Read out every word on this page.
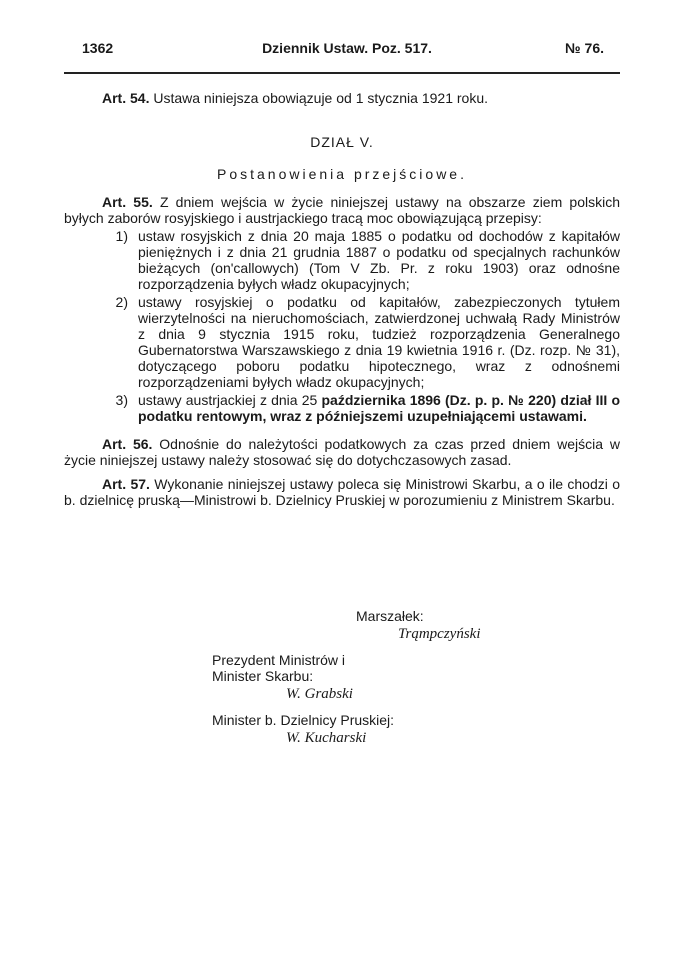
1362	Dziennik Ustaw. Poz. 517.	№ 76.

Art. 54. Ustawa niniejsza obowiązuje od 1 stycznia 1921 roku.

DZIAŁ V.
Postanowienia przejściowe.

Art. 55. Z dniem wejścia w życie niniejszej ustawy na obszarze ziem polskich byłych zaborów rosyjskiego i austrjackiego tracą moc obowiązującą przepisy:

1) ustaw rosyjskich z dnia 20 maja 1885 o podatku od dochodów z kapitałów pieniężnych i z dnia 21 grudnia 1887 o podatku od specjalnych rachunków bieżących (on'callowych) (Tom V Zb. Pr. z roku 1903) oraz odnośne rozporządzenia byłych władz okupacyjnych;
2) ustawy rosyjskiej o podatku od kapitałów, zabezpieczonych tytułem wierzytelności na nieruchomościach, zatwierdzonej uchwałą Rady Ministrów z dnia 9 stycznia 1915 roku, tudzież rozporządzenia Generalnego Gubernatorstwa Warszawskiego z dnia 19 kwietnia 1916 r. (Dz. rozp. № 31), dotyczącego poboru podatku hipotecznego, wraz z odnośnemi rozporządzeniami byłych władz okupacyjnych;
3) ustawy austrjackiej z dnia 25 października 1896 (Dz. p. p. № 220) dział III o podatku rentowym, wraz z późniejszemi uzupełniającemi ustawami.

Art. 56. Odnośnie do należytości podatkowych za czas przed dniem wejścia w życie niniejszej ustawy należy stosować się do dotychczasowych zasad.

Art. 57. Wykonanie niniejszej ustawy poleca się Ministrowi Skarbu, a o ile chodzi o b. dzielnicę pruską—Ministrowi b. Dzielnicy Pruskiej w porozumieniu z Ministrem Skarbu.

Marszałek:
Trąmpczyński
Prezydent Ministrów i
Minister Skarbu:
W. Grabski
Minister b. Dzielnicy Pruskiej:
W. Kucharski
